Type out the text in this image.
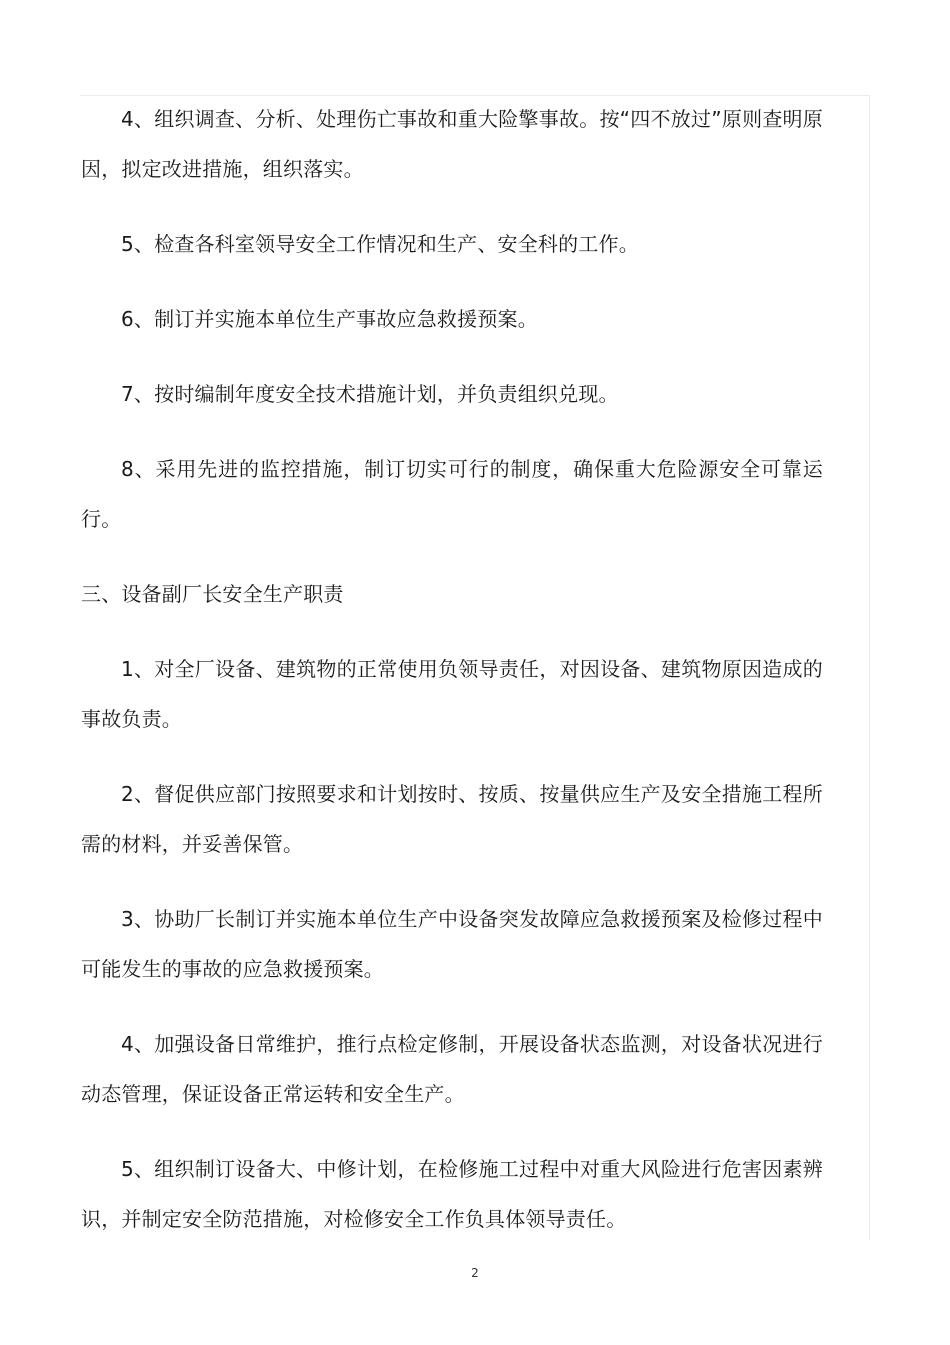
4、组织调查、分析、处理伤亡事故和重大险擎事故。按“四不放过”原则查明原因，拟定改进措施，组织落实。

5、检查各科室领导安全工作情况和生产、安全科的工作。

6、制订并实施本单位生产事故应急救援预案。

7、按时编制年度安全技术措施计划，并负责组织兑现。

8、采用先进的监控措施，制订切实可行的制度，确保重大危险源安全可靠运行。

三、设备副厂长安全生产职责

1、对全厂设备、建筑物的正常使用负领导责任，对因设备、建筑物原因造成的事故负责。

2、督促供应部门按照要求和计划按时、按质、按量供应生产及安全措施工程所需的材料，并妥善保管。

3、协助厂长制订并实施本单位生产中设备突发故障应急救援预案及检修过程中可能发生的事故的应急救援预案。

4、加强设备日常维护，推行点检定修制，开展设备状态监测，对设备状况进行动态管理，保证设备正常运转和安全生产。

5、组织制订设备大、中修计划，在检修施工过程中对重大风险进行危害因素辨识，并制定安全防范措施，对检修安全工作负具体领导责任。

2
